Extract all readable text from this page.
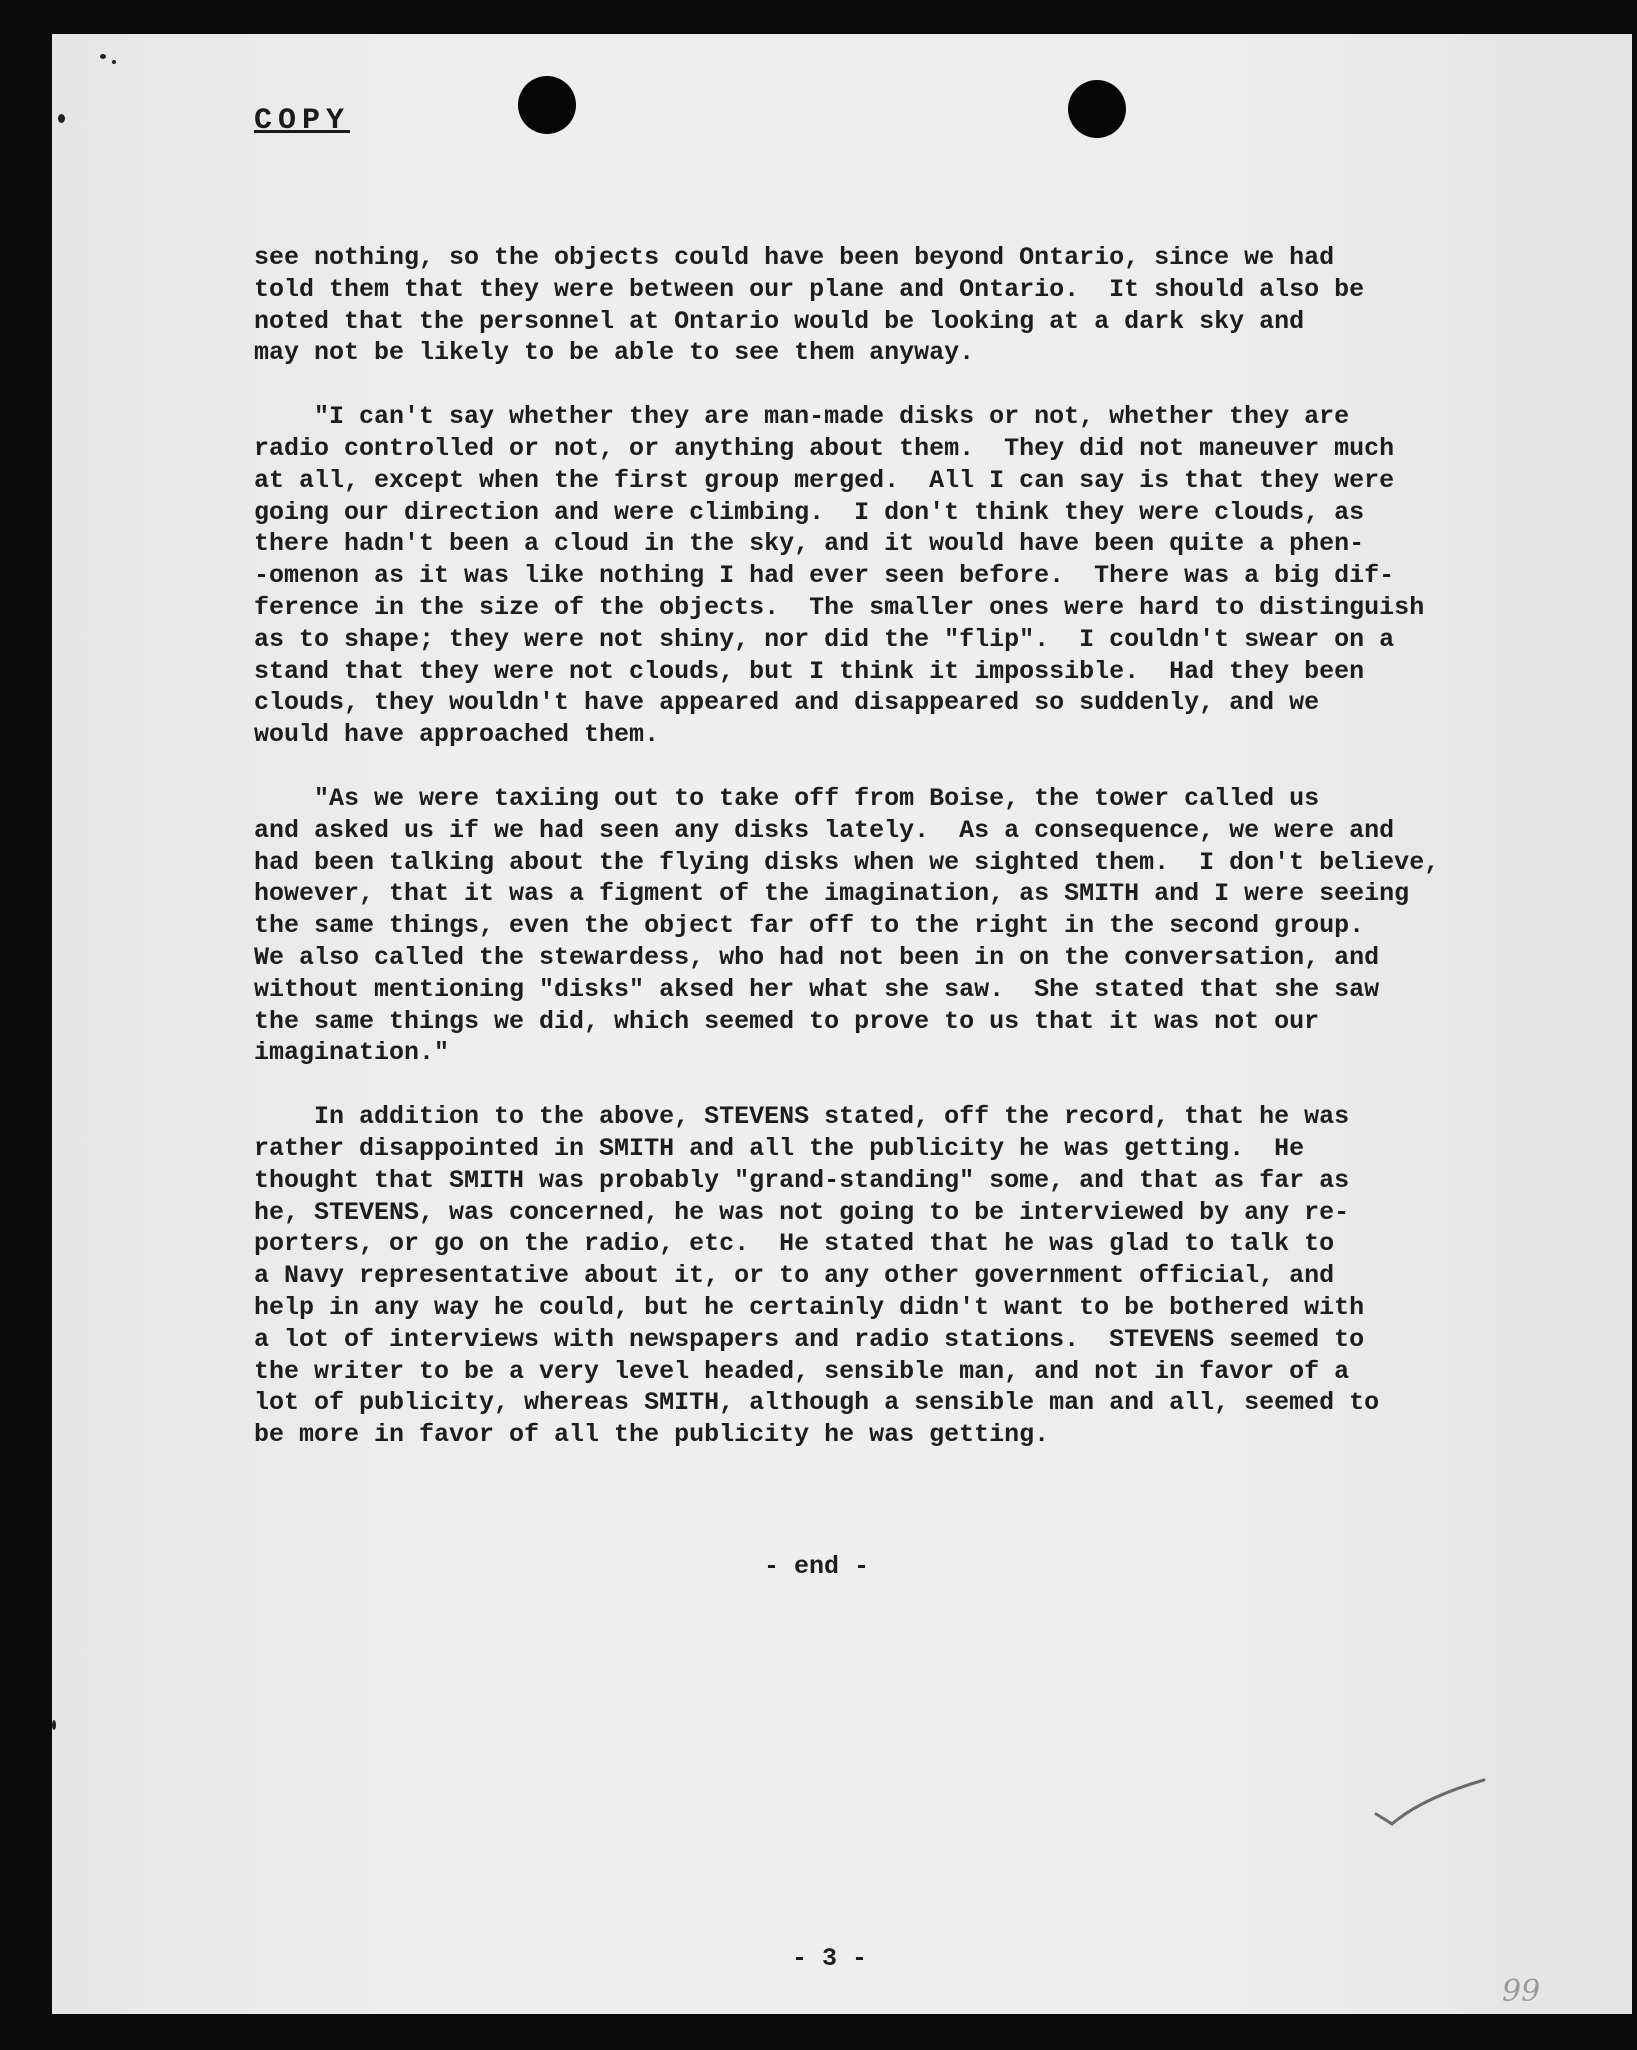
COPY
see nothing, so the objects could have been beyond Ontario, since we had
told them that they were between our plane and Ontario.  It should also be
noted that the personnel at Ontario would be looking at a dark sky and
may not be likely to be able to see them anyway.
"I can't say whether they are man-made disks or not, whether they are
radio controlled or not, or anything about them.  They did not maneuver much
at all, except when the first group merged.  All I can say is that they were
going our direction and were climbing.  I don't think they were clouds, as
there hadn't been a cloud in the sky, and it would have been quite a phen-
-omenon as it was like nothing I had ever seen before.  There was a big dif-
ference in the size of the objects.  The smaller ones were hard to distinguish
as to shape; they were not shiny, nor did the "flip".  I couldn't swear on a
stand that they were not clouds, but I think it impossible.  Had they been
clouds, they wouldn't have appeared and disappeared so suddenly, and we
would have approached them.
"As we were taxiing out to take off from Boise, the tower called us
and asked us if we had seen any disks lately.  As a consequence, we were and
had been talking about the flying disks when we sighted them.  I don't believe,
however, that it was a figment of the imagination, as SMITH and I were seeing
the same things, even the object far off to the right in the second group.
We also called the stewardess, who had not been in on the conversation, and
without mentioning "disks" aksed her what she saw.  She stated that she saw
the same things we did, which seemed to prove to us that it was not our
imagination."
In addition to the above, STEVENS stated, off the record, that he was
rather disappointed in SMITH and all the publicity he was getting.  He
thought that SMITH was probably "grand-standing" some, and that as far as
he, STEVENS, was concerned, he was not going to be interviewed by any re-
porters, or go on the radio, etc.  He stated that he was glad to talk to
a Navy representative about it, or to any other government official, and
help in any way he could, but he certainly didn't want to be bothered with
a lot of interviews with newspapers and radio stations.  STEVENS seemed to
the writer to be a very level headed, sensible man, and not in favor of a
lot of publicity, whereas SMITH, although a sensible man and all, seemed to
be more in favor of all the publicity he was getting.
- end -
- 3 -
99
